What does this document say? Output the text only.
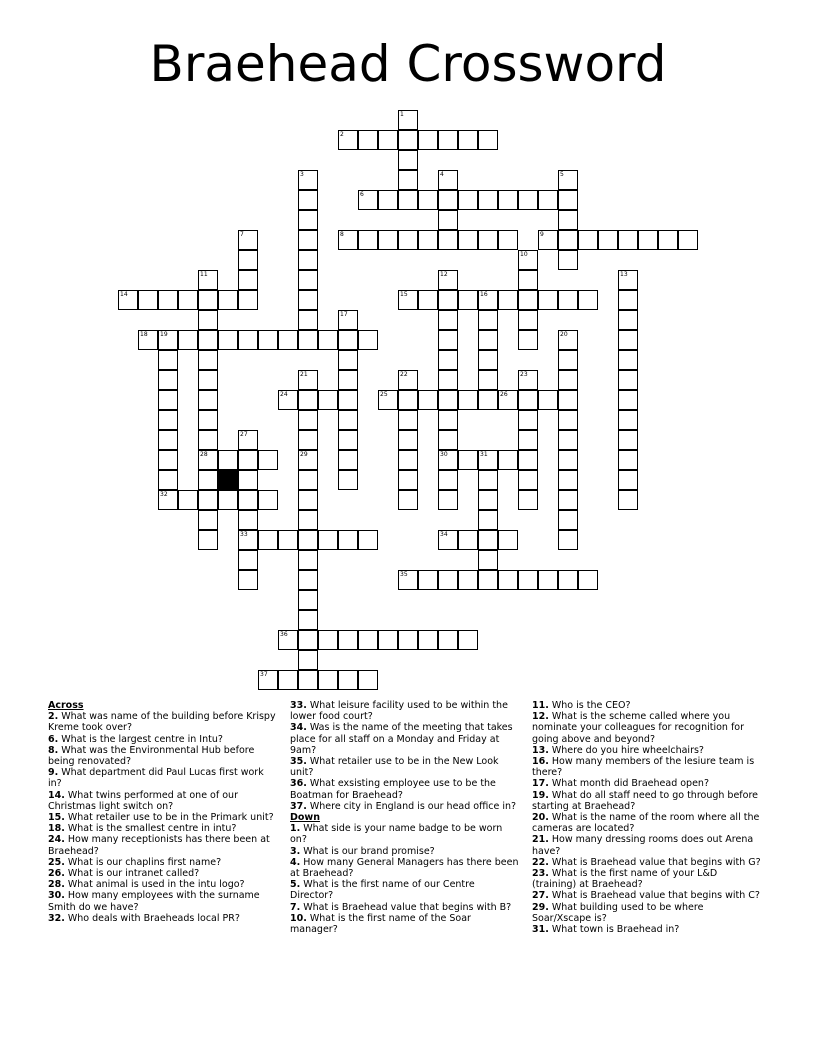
Braehead Crossword
1
2
3	4	5
6
7	8	9
10
11	12	13
14	15	16
17
18 19	20
21	22	23
24	25	26
27
28	29	30	31
32
33	34
35
36
37
Across
2. What was name of the building before Krispy Kreme took over?
6. What is the largest centre in Intu?
8. What was the Environmental Hub before being renovated?
9. What department did Paul Lucas first work in?
14. What twins performed at one of our Christmas light switch on?
15. What retailer use to be in the Primark unit?
18. What is the smallest centre in intu?
24. How many receptionists has there been at Braehead?
25. What is our chaplins first name?
26. What is our intranet called?
28. What animal is used in the intu logo?
30. How many employees with the surname Smith do we have?
32. Who deals with Braeheads local PR?
33. What leisure facility used to be within the lower food court?
34. Was is the name of the meeting that takes place for all staff on a Monday and Friday at 9am?
35. What retailer use to be in the New Look unit?
36. What exsisting employee use to be the Boatman for Braehead?
37. Where city in England is our head office in?
Down
1. What side is your name badge to be worn on?
3. What is our brand promise?
4. How many General Managers has there been at Braehead?
5. What is the first name of our Centre Director?
7. What is Braehead value that begins with B?
10. What is the first name of the Soar manager?
11. Who is the CEO?
12. What is the scheme called where you nominate your colleagues for recognition for going above and beyond?
13. Where do you hire wheelchairs?
16. How many members of the lesiure team is there?
17. What month did Braehead open?
19. What do all staff need to go through before starting at Braehead?
20. What is the name of the room where all the cameras are located?
21. How many dressing rooms does out Arena have?
22. What is Braehead value that begins with G?
23. What is the first name of your L&D (training) at Braehead?
27. What is Braehead value that begins with C?
29. What building used to be where Soar/Xscape is?
31. What town is Braehead in?
